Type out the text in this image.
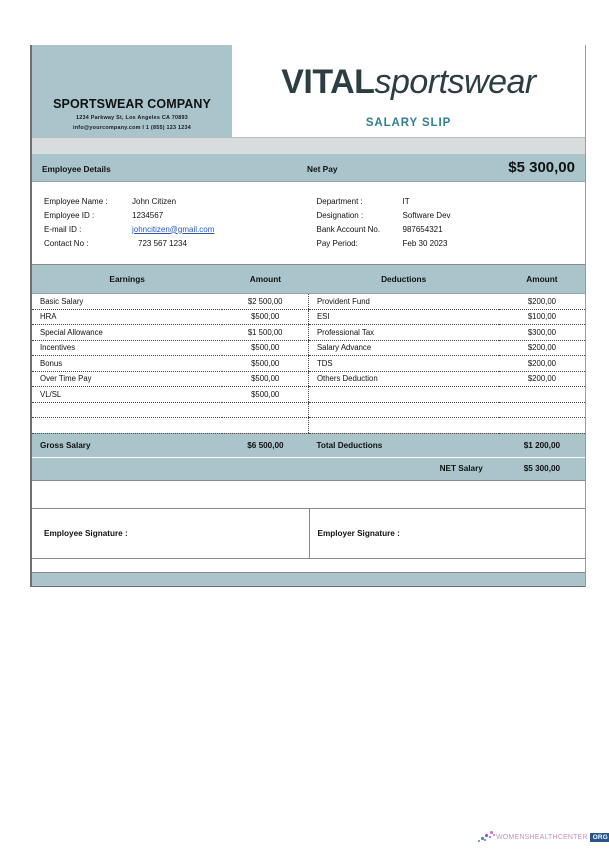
SPORTSWEAR COMPANY
1234 Parkway St, Los Angeles CA 70893
info@yourcompany.com I 1 (855) 123 1234
VITALsportswear
SALARY SLIP
Employee Details	Net Pay	$5 300,00
Employee Name :	John Citizen
Employee ID :	1234567
E-mail ID :	johncitizen@gmail.com
Contact No :	723 567 1234
Department :	IT
Designation :	Software Dev
Bank Account No.	987654321
Pay Period:	Feb 30 2023
Earnings	Amount	Deductions	Amount
Basic Salary	$2 500,00	Provident Fund	$200,00
HRA	$500,00	ESI	$100,00
Special Allowance	$1 500,00	Professional Tax	$300,00
Incentives	$500,00	Salary Advance	$200,00
Bonus	$500,00	TDS	$200,00
Over Time Pay	$500,00	Others Deduction	$200,00
VL/SL	$500,00		

Gross Salary	$6 500,00	Total Deductions	$1 200,00
NET Salary			$5 300,00
Employee Signature :	Employer Signature :
WOMENSHEALTHCENTER ORG
